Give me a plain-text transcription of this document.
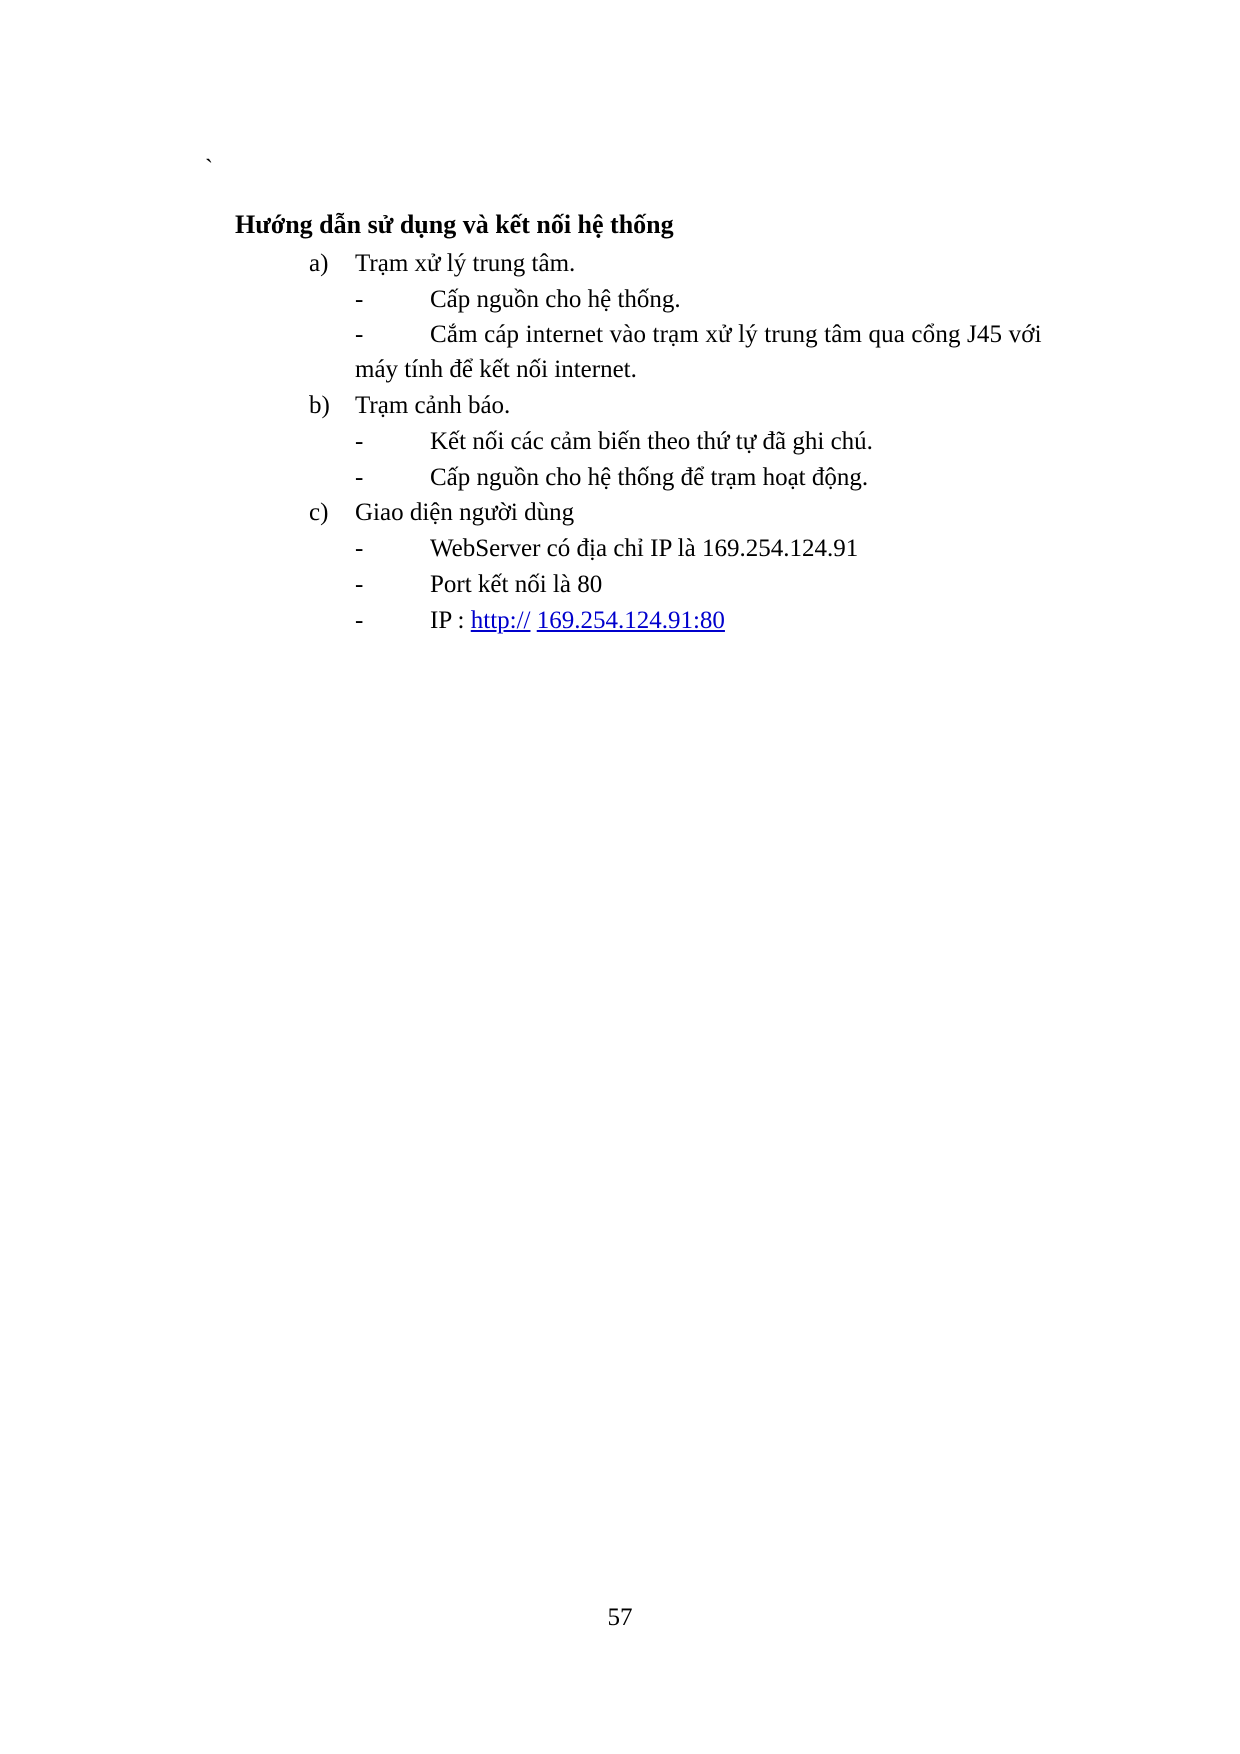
`
Hướng dẫn sử dụng và kết nối hệ thống
a) Trạm xử lý trung tâm.
-	Cấp nguồn cho hệ thống.
-	Cắm cáp internet vào trạm xử lý trung tâm qua cổng J45 với
máy tính để kết nối internet.
b) Trạm cảnh báo.
-	Kết nối các cảm biến theo thứ tự đã ghi chú.
-	Cấp nguồn cho hệ thống để trạm hoạt động.
c) Giao diện người dùng
-	WebServer có địa chỉ IP là 169.254.124.91
-	Port kết nối là 80
-	IP : http:// 169.254.124.91:80
57
